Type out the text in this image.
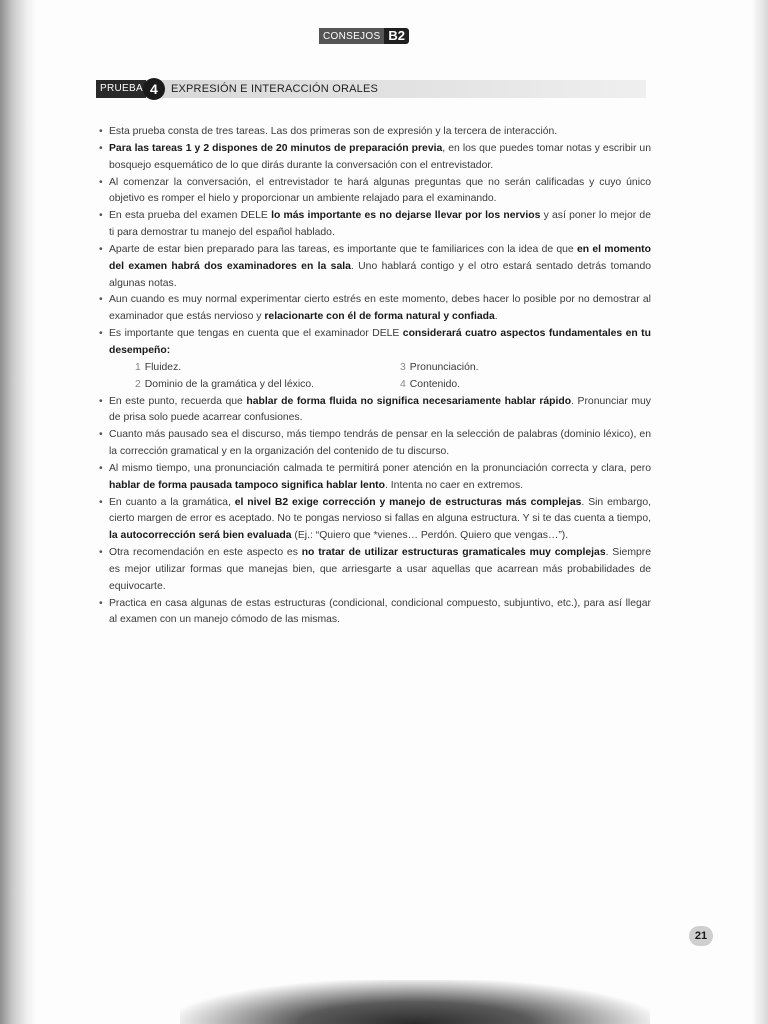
CONSEJOS B2
PRUEBA 4	EXPRESIÓN E INTERACCIÓN ORALES
• Esta prueba consta de tres tareas. Las dos primeras son de expresión y la tercera de interacción.
• Para las tareas 1 y 2 dispones de 20 minutos de preparación previa, en los que puedes tomar notas y escribir un bosquejo esquemático de lo que dirás durante la conversación con el entrevistador.
• Al comenzar la conversación, el entrevistador te hará algunas preguntas que no serán calificadas y cuyo único objetivo es romper el hielo y proporcionar un ambiente relajado para el examinando.
• En esta prueba del examen DELE lo más importante es no dejarse llevar por los nervios y así poner lo mejor de ti para demostrar tu manejo del español hablado.
• Aparte de estar bien preparado para las tareas, es importante que te familiarices con la idea de que en el momento del examen habrá dos examinadores en la sala. Uno hablará contigo y el otro estará sentado detrás tomando algunas notas.
• Aun cuando es muy normal experimentar cierto estrés en este momento, debes hacer lo posible por no demostrar al examinador que estás nervioso y relacionarte con él de forma natural y confiada.
• Es importante que tengas en cuenta que el examinador DELE considerará cuatro aspectos fundamentales en tu desempeño:
1 Fluidez.	3 Pronunciación.
2 Dominio de la gramática y del léxico.	4 Contenido.
• En este punto, recuerda que hablar de forma fluida no significa necesariamente hablar rápido. Pronunciar muy de prisa solo puede acarrear confusiones.
• Cuanto más pausado sea el discurso, más tiempo tendrás de pensar en la selección de palabras (dominio léxico), en la corrección gramatical y en la organización del contenido de tu discurso.
• Al mismo tiempo, una pronunciación calmada te permitirá poner atención en la pronunciación correcta y clara, pero hablar de forma pausada tampoco significa hablar lento. Intenta no caer en extremos.
• En cuanto a la gramática, el nivel B2 exige corrección y manejo de estructuras más complejas. Sin embargo, cierto margen de error es aceptado. No te pongas nervioso si fallas en alguna estructura. Y si te das cuenta a tiempo, la autocorrección será bien evaluada (Ej.: “Quiero que *vienes… Perdón. Quiero que vengas…”).
• Otra recomendación en este aspecto es no tratar de utilizar estructuras gramaticales muy complejas. Siempre es mejor utilizar formas que manejas bien, que arriesgarte a usar aquellas que acarrean más probabilidades de equivocarte.
• Practica en casa algunas de estas estructuras (condicional, condicional compuesto, subjuntivo, etc.), para así llegar al examen con un manejo cómodo de las mismas.
21
